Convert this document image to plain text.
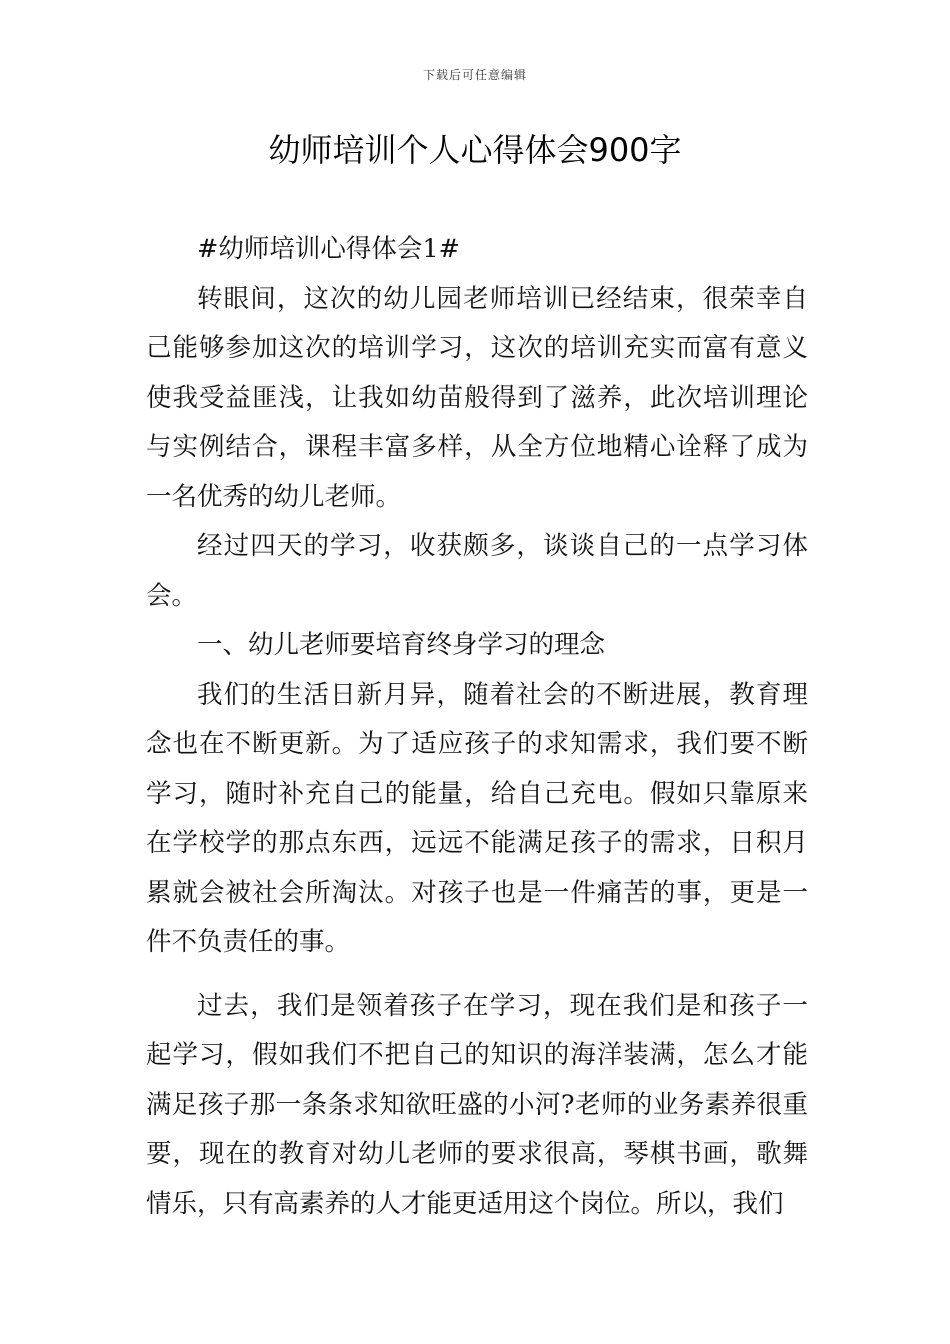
下载后可任意编辑
幼师培训个人心得体会900字

#幼师培训心得体会1#

转眼间，这次的幼儿园老师培训已经结束，很荣幸自己能够参加这次的培训学习，这次的培训充实而富有意义使我受益匪浅，让我如幼苗般得到了滋养，此次培训理论与实例结合，课程丰富多样，从全方位地精心诠释了成为一名优秀的幼儿老师。

经过四天的学习，收获颇多，谈谈自己的一点学习体会。

一、幼儿老师要培育终身学习的理念

我们的生活日新月异，随着社会的不断进展，教育理念也在不断更新。为了适应孩子的求知需求，我们要不断学习，随时补充自己的能量，给自己充电。假如只靠原来在学校学的那点东西，远远不能满足孩子的需求，日积月累就会被社会所淘汰。对孩子也是一件痛苦的事，更是一件不负责任的事。

过去，我们是领着孩子在学习，现在我们是和孩子一起学习，假如我们不把自己的知识的海洋装满，怎么才能满足孩子那一条条求知欲旺盛的小河?老师的业务素养很重要，现在的教育对幼儿老师的要求很高，琴棋书画，歌舞情乐，只有高素养的人才能更适用这个岗位。所以，我们
